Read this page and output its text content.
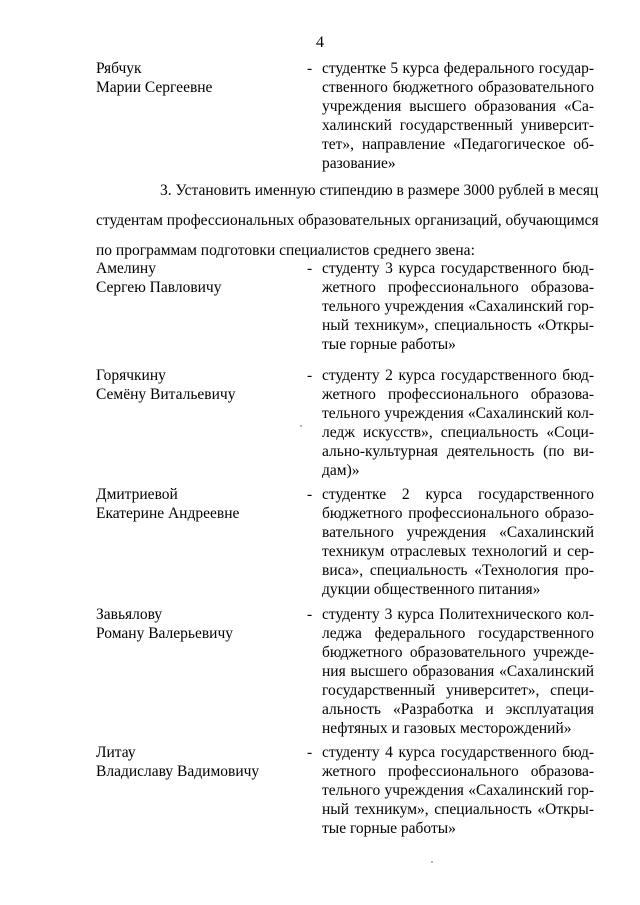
4
Рябчук
Марии Сергеевне
- студентке 5 курса федерального государ-
ственного бюджетного образовательного
учреждения высшего образования «Са-
халинский государственный университ-
тет», направление «Педагогическое об-
разование»
3. Установить именную стипендию в размере 3000 рублей в месяц
студентам профессиональных образовательных организаций, обучающимся
по программам подготовки специалистов среднего звена:
Амелину
Сергею Павловичу
- студенту 3 курса государственного бюд-
жетного профессионального образова-
тельного учреждения «Сахалинский гор-
ный техникум», специальность «Откры-
тые горные работы»
Горячкину
Семёну Витальевичу
- студенту 2 курса государственного бюд-
жетного профессионального образова-
тельного учреждения «Сахалинский кол-
ледж искусств», специальность «Соци-
ально-культурная деятельность (по ви-
дам)»
Дмитриевой
Екатерине Андреевне
- студентке 2 курса государственного
бюджетного профессионального образо-
вательного учреждения «Сахалинский
техникум отраслевых технологий и сер-
виса», специальность «Технология про-
дукции общественного питания»
Завьялову
Роману Валерьевичу
- студенту 3 курса Политехнического кол-
леджа федерального государственного
бюджетного образовательного учрежде-
ния высшего образования «Сахалинский
государственный университет», специ-
альность «Разработка и эксплуатация
нефтяных и газовых месторождений»
Литау
Владиславу Вадимовичу
- студенту 4 курса государственного бюд-
жетного профессионального образова-
тельного учреждения «Сахалинский гор-
ный техникум», специальность «Откры-
тые горные работы»
